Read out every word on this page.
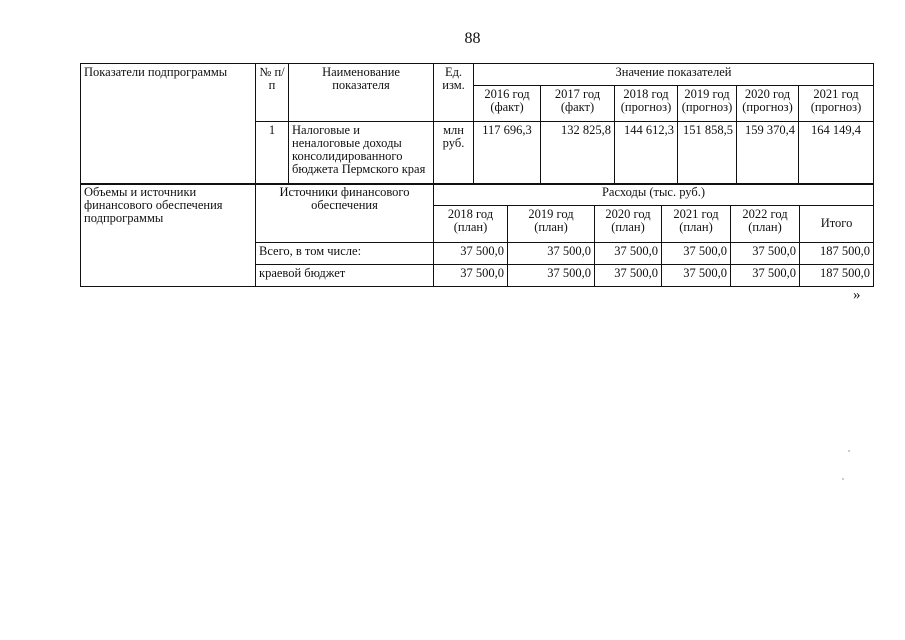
88
Показатели подпрограммы	№ п/п	Наименование показателя	Ед. изм.	Значение показателей					
				2016 год (факт)	2017 год (факт)	2018 год (прогноз)	2019 год (прогноз)	2020 год (прогноз)	2021 год (прогноз)
	1	Налоговые и неналоговые доходы консолидированного бюджета Пермского края	млн руб.	117 696,3	132 825,8	144 612,3	151 858,5	159 370,4	164 149,4
Объемы и источники финансового обеспечения подпрограммы	Источники финансового обеспечения	Расходы (тыс. руб.)					
		2018 год (план)	2019 год (план)	2020 год (план)	2021 год (план)	2022 год (план)	Итого
	Всего, в том числе:	37 500,0	37 500,0	37 500,0	37 500,0	37 500,0	187 500,0
	краевой бюджет	37 500,0	37 500,0	37 500,0	37 500,0	37 500,0	187 500,0
»
